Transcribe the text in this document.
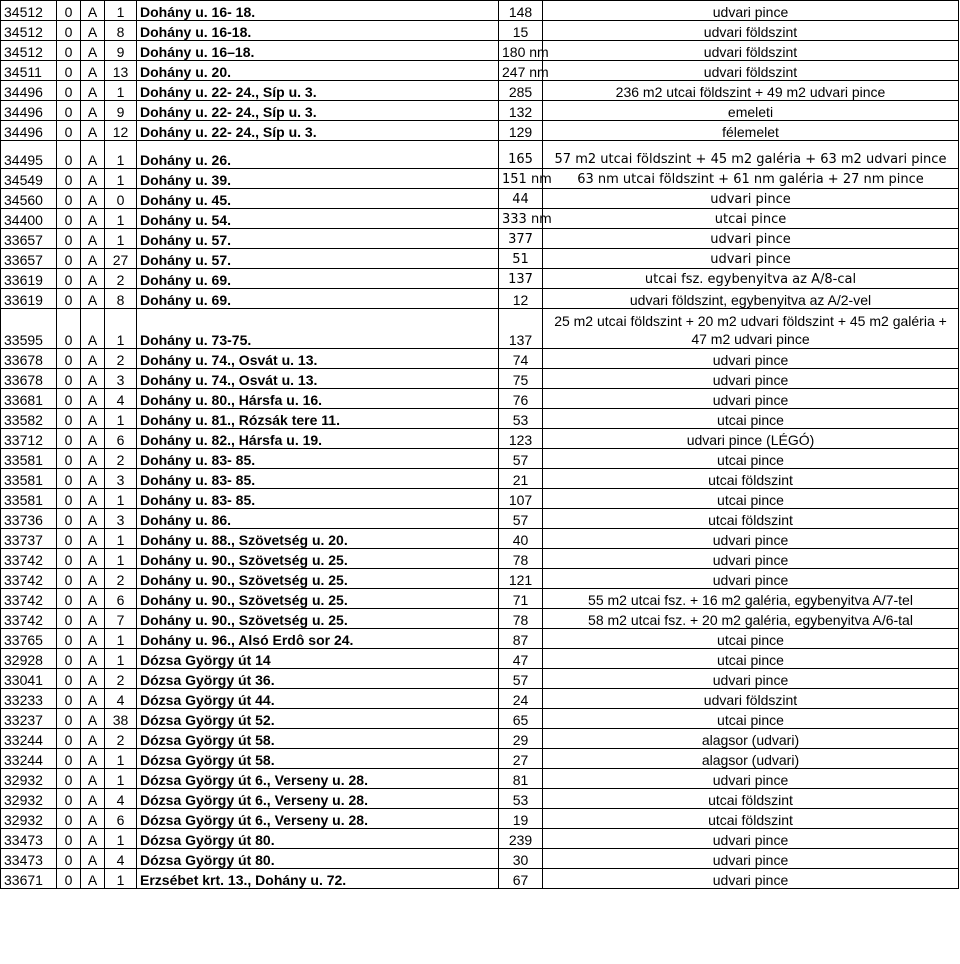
34512	0	A	1	Dohány u. 16- 18.	148	udvari pince
34512	0	A	8	Dohány u. 16-18.	15	udvari földszint
34512	0	A	9	Dohány u. 16–18.	180 nm	udvari földszint
34511	0	A	13	Dohány u. 20.	247 nm	udvari földszint
34496	0	A	1	Dohány u. 22- 24., Síp u. 3.	285	236 m2 utcai földszint + 49 m2 udvari pince
34496	0	A	9	Dohány u. 22- 24., Síp u. 3.	132	emeleti
34496	0	A	12	Dohány u. 22- 24., Síp u. 3.	129	félemelet
34495	0	A	1	Dohány u. 26.	165	57 m2 utcai földszint + 45 m2 galéria + 63 m2 udvari pince
34549	0	A	1	Dohány u. 39.	151 nm	63 nm utcai földszint + 61 nm galéria + 27 nm pince
34560	0	A	0	Dohány u. 45.	44	udvari pince
34400	0	A	1	Dohány u. 54.	333 nm	utcai pince
33657	0	A	1	Dohány u. 57.	377	udvari pince
33657	0	A	27	Dohány u. 57.	51	udvari pince
33619	0	A	2	Dohány u. 69.	137	utcai fsz. egybenyitva az A/8-cal
33619	0	A	8	Dohány u. 69.	12	udvari földszint, egybenyitva az A/2-vel
33595	0	A	1	Dohány u. 73-75.	137	25 m2 utcai földszint + 20 m2 udvari földszint + 45 m2 galéria + 47 m2 udvari pince
33678	0	A	2	Dohány u. 74., Osvát u. 13.	74	udvari pince
33678	0	A	3	Dohány u. 74., Osvát u. 13.	75	udvari pince
33681	0	A	4	Dohány u. 80., Hársfa u. 16.	76	udvari pince
33582	0	A	1	Dohány u. 81., Rózsák tere 11.	53	utcai pince
33712	0	A	6	Dohány u. 82., Hársfa u. 19.	123	udvari pince (LÉGÓ)
33581	0	A	2	Dohány u. 83- 85.	57	utcai pince
33581	0	A	3	Dohány u. 83- 85.	21	utcai földszint
33581	0	A	1	Dohány u. 83- 85.	107	utcai pince
33736	0	A	3	Dohány u. 86.	57	utcai földszint
33737	0	A	1	Dohány u. 88., Szövetség u. 20.	40	udvari pince
33742	0	A	1	Dohány u. 90., Szövetség u. 25.	78	udvari pince
33742	0	A	2	Dohány u. 90., Szövetség u. 25.	121	udvari pince
33742	0	A	6	Dohány u. 90., Szövetség u. 25.	71	55 m2 utcai fsz. + 16 m2 galéria, egybenyitva A/7-tel
33742	0	A	7	Dohány u. 90., Szövetség u. 25.	78	58 m2 utcai fsz. + 20 m2 galéria, egybenyitva A/6-tal
33765	0	A	1	Dohány u. 96., Alsó Erdô sor 24.	87	utcai pince
32928	0	A	1	Dózsa György út 14	47	utcai pince
33041	0	A	2	Dózsa György út 36.	57	udvari pince
33233	0	A	4	Dózsa György út 44.	24	udvari földszint
33237	0	A	38	Dózsa György út 52.	65	utcai pince
33244	0	A	2	Dózsa György út 58.	29	alagsor (udvari)
33244	0	A	1	Dózsa György út 58.	27	alagsor (udvari)
32932	0	A	1	Dózsa György út 6., Verseny u. 28.	81	udvari pince
32932	0	A	4	Dózsa György út 6., Verseny u. 28.	53	utcai földszint
32932	0	A	6	Dózsa György út 6., Verseny u. 28.	19	utcai földszint
33473	0	A	1	Dózsa György út 80.	239	udvari pince
33473	0	A	4	Dózsa György út 80.	30	udvari pince
33671	0	A	1	Erzsébet krt. 13., Dohány u. 72.	67	udvari pince
